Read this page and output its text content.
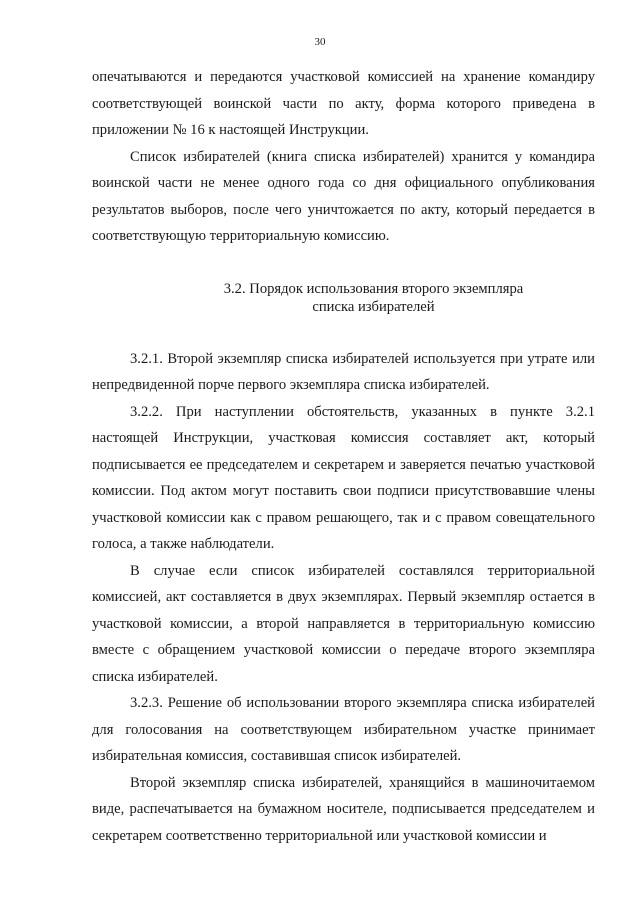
30

опечатываются и передаются участковой комиссией на хранение командиру соответствующей воинской части по акту, форма которого приведена в приложении № 16 к настоящей Инструкции.

Список избирателей (книга списка избирателей) хранится у командира воинской части не менее одного года со дня официального опубликования результатов выборов, после чего уничтожается по акту, который передается в соответствующую территориальную комиссию.

3.2. Порядок использования второго экземпляра
списка избирателей

3.2.1. Второй экземпляр списка избирателей используется при утрате или непредвиденной порче первого экземпляра списка избирателей.

3.2.2. При наступлении обстоятельств, указанных в пункте 3.2.1 настоящей Инструкции, участковая комиссия составляет акт, который подписывается ее председателем и секретарем и заверяется печатью участковой комиссии. Под актом могут поставить свои подписи присутствовавшие члены участковой комиссии как с правом решающего, так и с правом совещательного голоса, а также наблюдатели.

В случае если список избирателей составлялся территориальной комиссией, акт составляется в двух экземплярах. Первый экземпляр остается в участковой комиссии, а второй направляется в территориальную комиссию вместе с обращением участковой комиссии о передаче второго экземпляра списка избирателей.

3.2.3. Решение об использовании второго экземпляра списка избирателей для голосования на соответствующем избирательном участке принимает избирательная комиссия, составившая список избирателей.

Второй экземпляр списка избирателей, хранящийся в машиночитаемом виде, распечатывается на бумажном носителе, подписывается председателем и секретарем соответственно территориальной или участковой комиссии и
